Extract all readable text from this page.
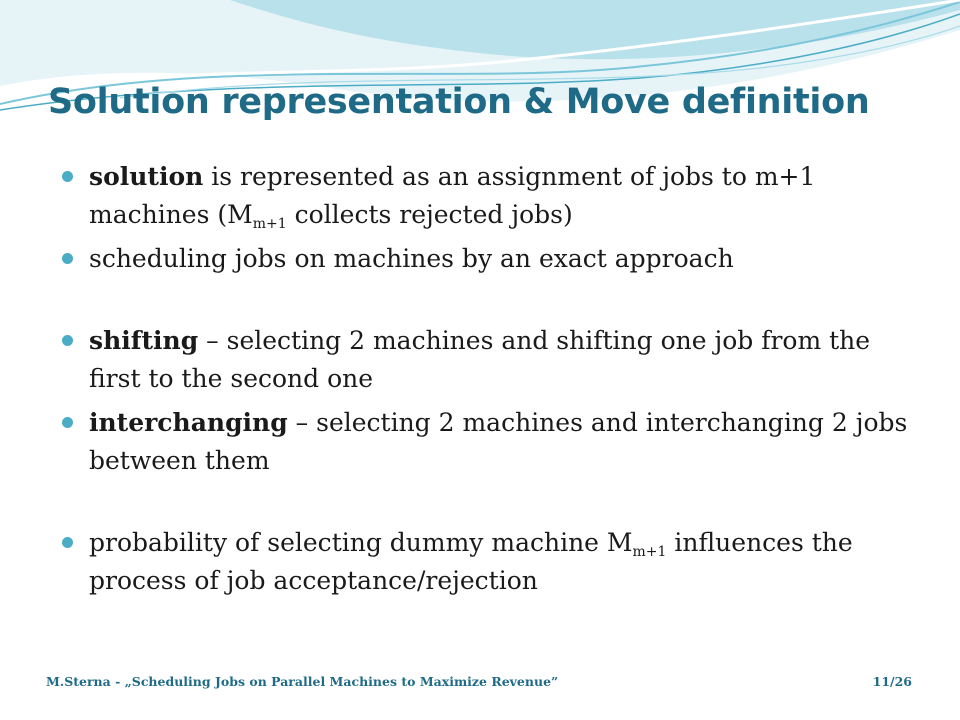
Solution representation & Move definition
solution is represented as an assignment of jobs to m+1 machines ($M_{m+1}$ collects rejected jobs)
scheduling jobs on machines by an exact approach
shifting – selecting 2 machines and shifting one job from the first to the second one
interchanging – selecting 2 machines and interchanging 2 jobs between them
probability of selecting dummy machine $M_{m+1}$ influences the process of job acceptance/rejection
M.Sterna - „Scheduling Jobs on Parallel Machines to Maximize Revenue”	11/26
